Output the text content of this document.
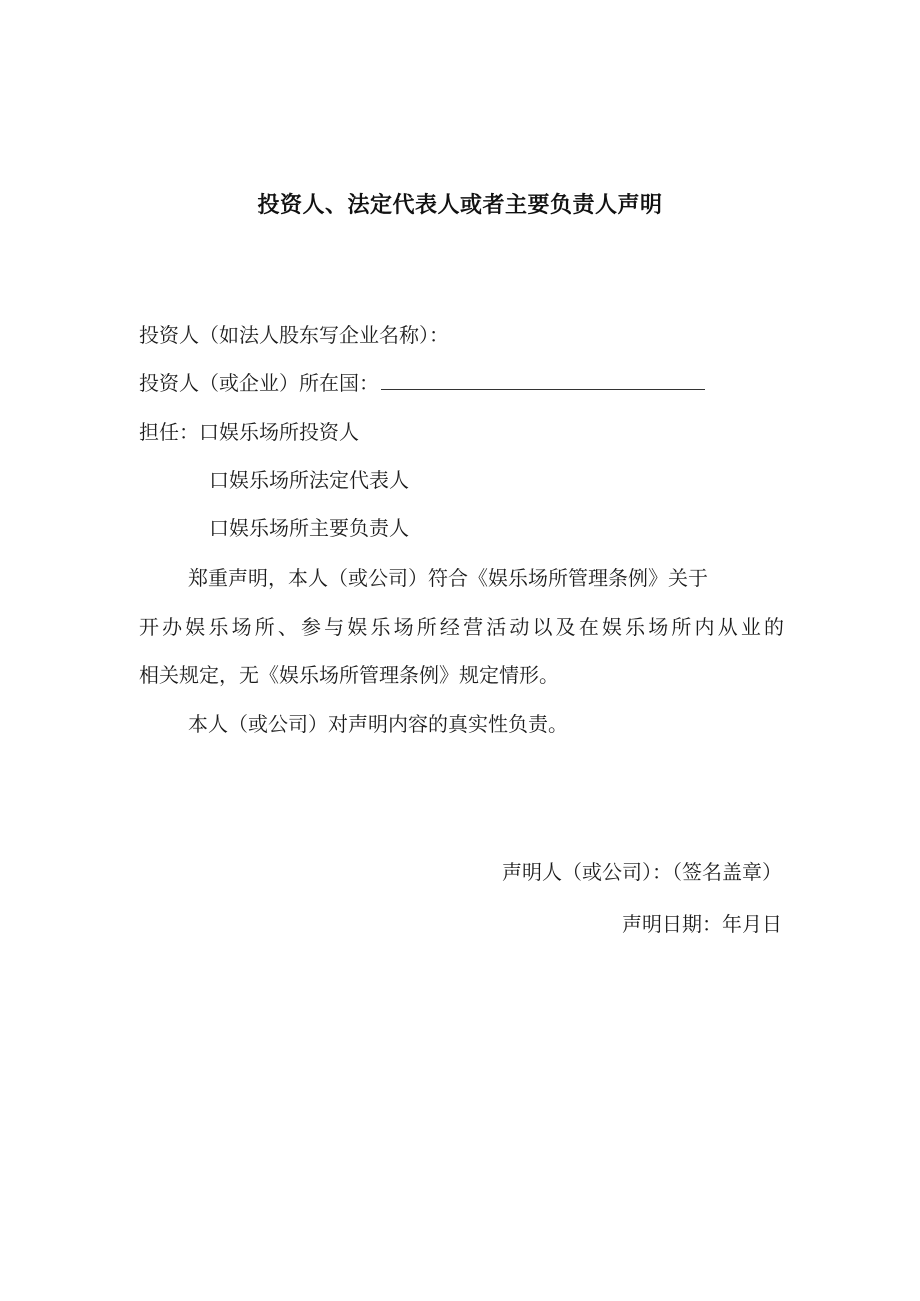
投资人、法定代表人或者主要负责人声明
投资人（如法人股东写企业名称）：
投资人（或企业）所在国：
担任：口娱乐场所投资人
口娱乐场所法定代表人
口娱乐场所主要负责人
郑重声明，本人（或公司）符合《娱乐场所管理条例》关于
开办娱乐场所、参与娱乐场所经营活动以及在娱乐场所内从业的
相关规定，无《娱乐场所管理条例》规定情形。
本人（或公司）对声明内容的真实性负责。
声明人（或公司）：（签名盖章）
声明日期：年月日
